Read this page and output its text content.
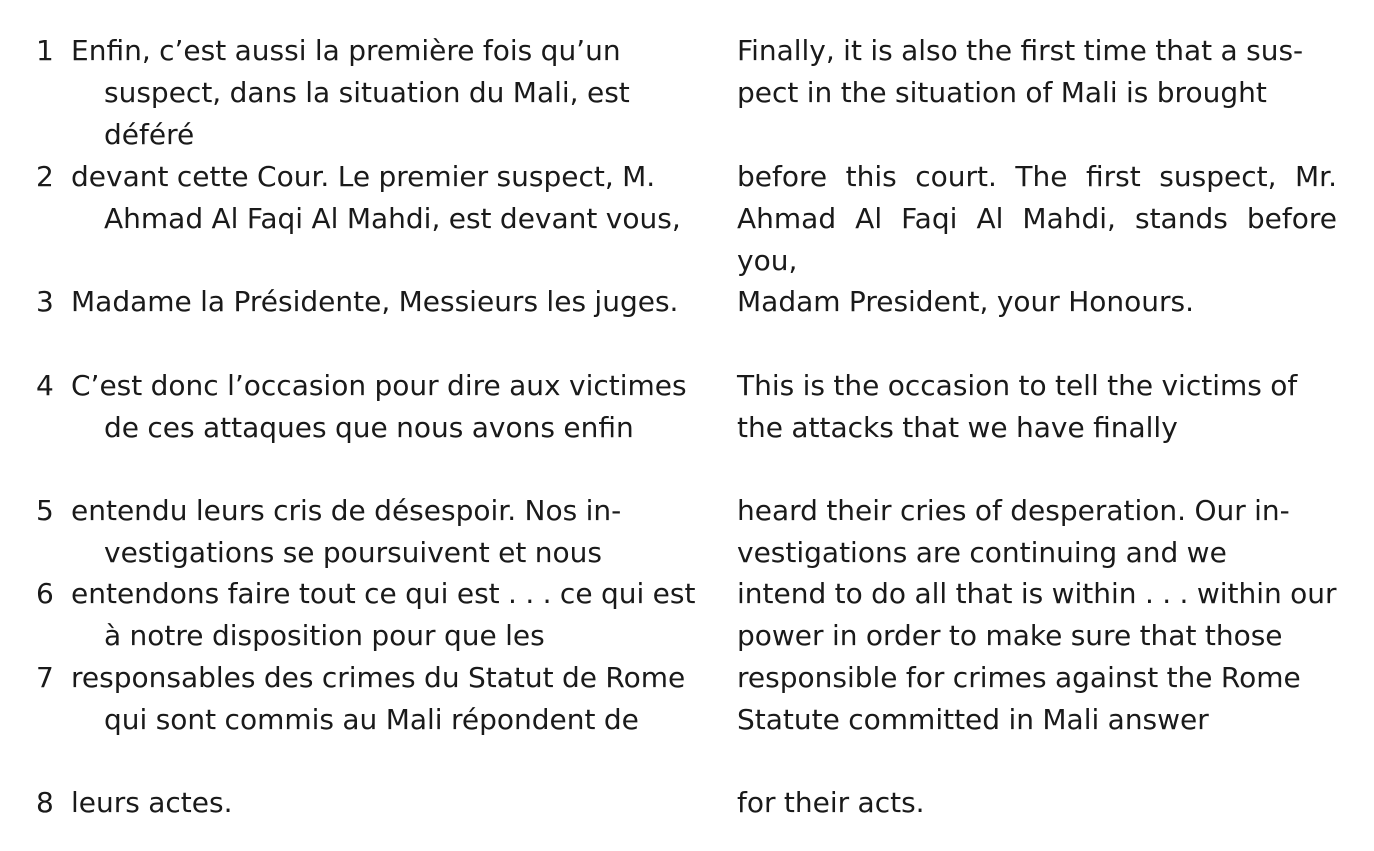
1 Enfin, c’est aussi la première fois qu’un suspect, dans la situation du Mali, est déféré
Finally, it is also the first time that a sus- pect in the situation of Mali is brought
2 devant cette Cour. Le premier suspect, M. Ahmad Al Faqi Al Mahdi, est devant vous,
before this court. The first suspect, Mr. Ahmad Al Faqi Al Mahdi, stands before you,
3 Madame la Présidente, Messieurs les juges.	Madam President, your Honours.
4 C’est donc l’occasion pour dire aux victimes de ces attaques que nous avons enfin
This is the occasion to tell the victims of the attacks that we have finally
5 entendu leurs cris de désespoir. Nos in- vestigations se poursuivent et nous
heard their cries of desperation. Our in- vestigations are continuing and we
6 entendons faire tout ce qui est . . . ce qui est à notre disposition pour que les
intend to do all that is within . . . within our power in order to make sure that those
7 responsables des crimes du Statut de Rome qui sont commis au Mali répondent de
responsible for crimes against the Rome Statute committed in Mali answer
8 leurs actes.	for their acts.
